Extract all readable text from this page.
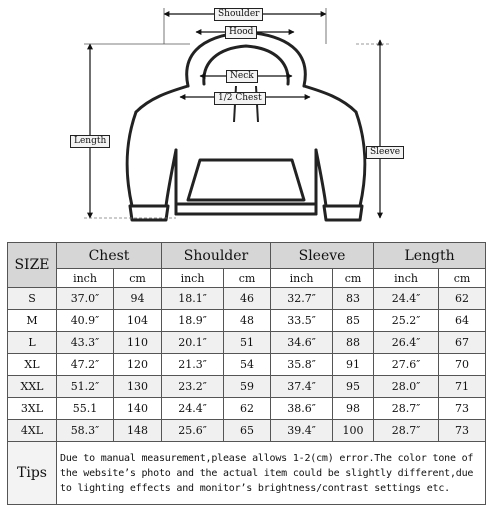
Shoulder
Hood
Neck
1/2 Chest
Length
Sleeve
SIZE	Chest		Shoulder		Sleeve		Length	
	inch	cm	inch	cm	inch	cm	inch	cm
S	37.0″	94	18.1″	46	32.7″	83	24.4″	62
M	40.9″	104	18.9″	48	33.5″	85	25.2″	64
L	43.3″	110	20.1″	51	34.6″	88	26.4″	67
XL	47.2″	120	21.3″	54	35.8″	91	27.6″	70
XXL	51.2″	130	23.2″	59	37.4″	95	28.0″	71
3XL	55.1	140	24.4″	62	38.6″	98	28.7″	73
4XL	58.3″	148	25.6″	65	39.4″	100	28.7″	73
Tips	Due to manual measurement,please allows 1-2(cm) error.The color tone of the website’s photo and the actual item could be slightly different,due to lighting effects and monitor’s brightness/contrast settings etc.							
